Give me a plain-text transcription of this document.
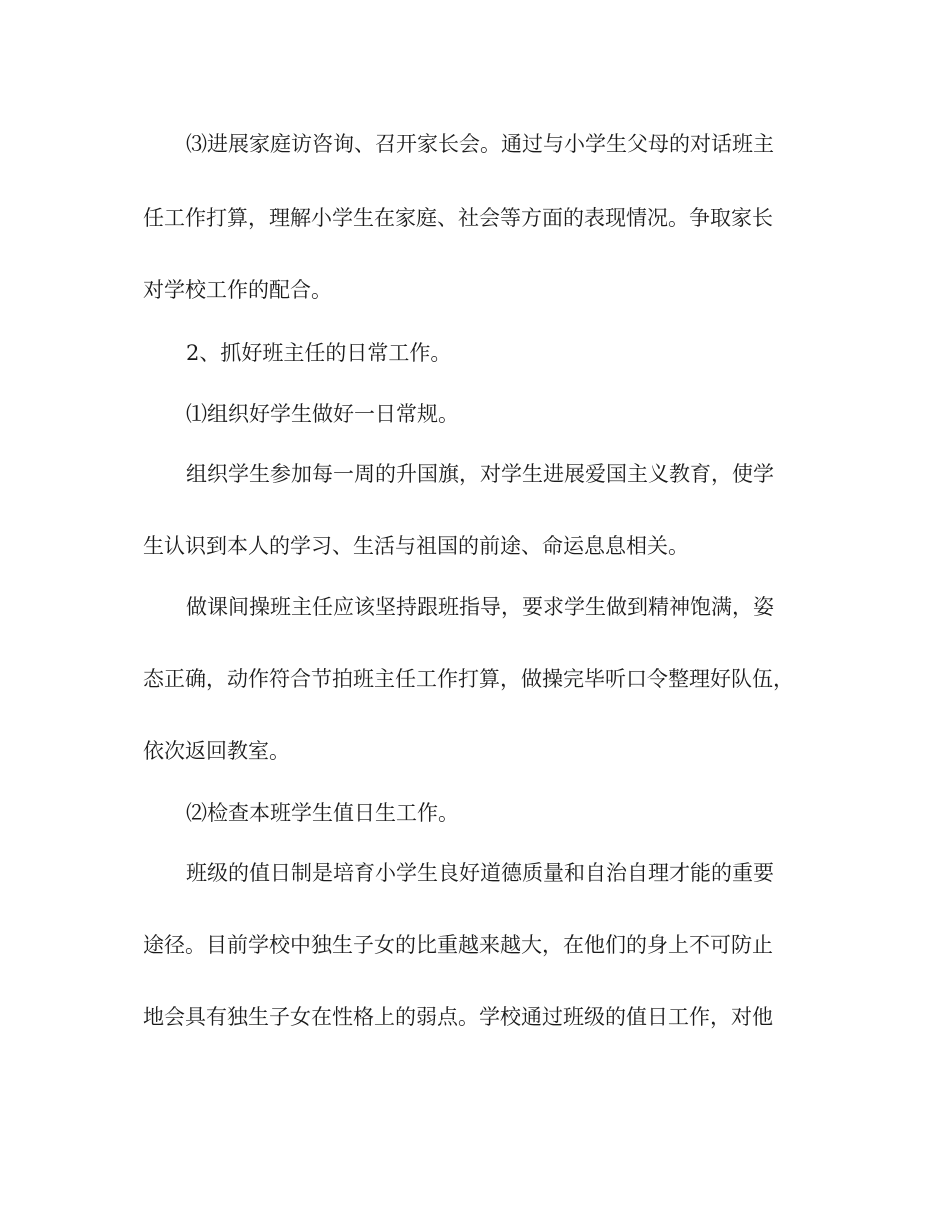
⑶进展家庭访咨询、召开家长会。通过与小学生父母的对话班主

任工作打算，理解小学生在家庭、社会等方面的表现情况。争取家长

对学校工作的配合。

2、抓好班主任的日常工作。

⑴组织好学生做好一日常规。

组织学生参加每一周的升国旗，对学生进展爱国主义教育，使学

生认识到本人的学习、生活与祖国的前途、命运息息相关。

做课间操班主任应该坚持跟班指导，要求学生做到精神饱满，姿

态正确，动作符合节拍班主任工作打算，做操完毕听口令整理好队伍，

依次返回教室。

⑵检查本班学生值日生工作。

班级的值日制是培育小学生良好道德质量和自治自理才能的重要

途径。目前学校中独生子女的比重越来越大，在他们的身上不可防止

地会具有独生子女在性格上的弱点。学校通过班级的值日工作，对他
